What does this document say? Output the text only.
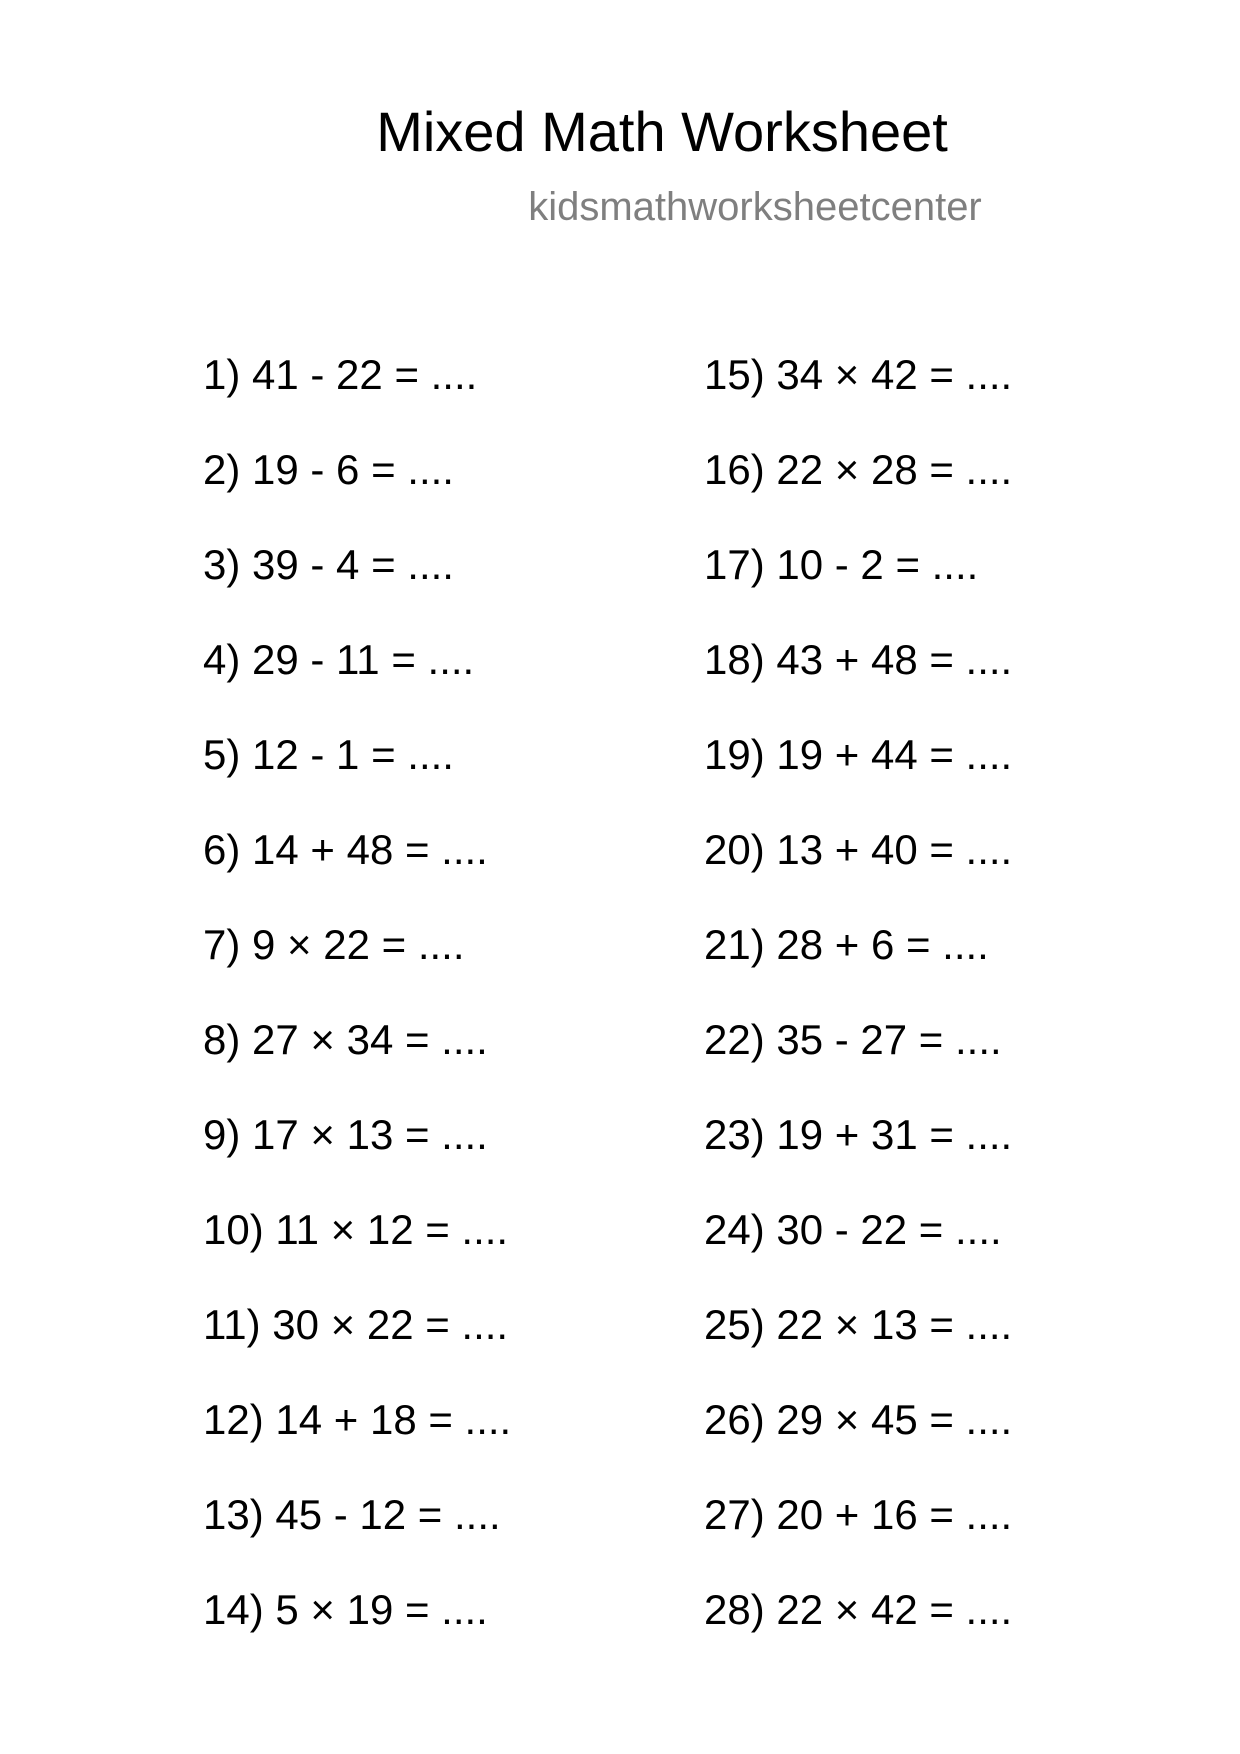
Mixed Math Worksheet
kidsmathworksheetcenter
1) 41 - 22 = ....
2) 19 - 6 = ....
3) 39 - 4 = ....
4) 29 - 11 = ....
5) 12 - 1 = ....
6) 14 + 48 = ....
7) 9 × 22 = ....
8) 27 × 34 = ....
9) 17 × 13 = ....
10) 11 × 12 = ....
11) 30 × 22 = ....
12) 14 + 18 = ....
13) 45 - 12 = ....
14) 5 × 19 = ....
15) 34 × 42 = ....
16) 22 × 28 = ....
17) 10 - 2 = ....
18) 43 + 48 = ....
19) 19 + 44 = ....
20) 13 + 40 = ....
21) 28 + 6 = ....
22) 35 - 27 = ....
23) 19 + 31 = ....
24) 30 - 22 = ....
25) 22 × 13 = ....
26) 29 × 45 = ....
27) 20 + 16 = ....
28) 22 × 42 = ....
